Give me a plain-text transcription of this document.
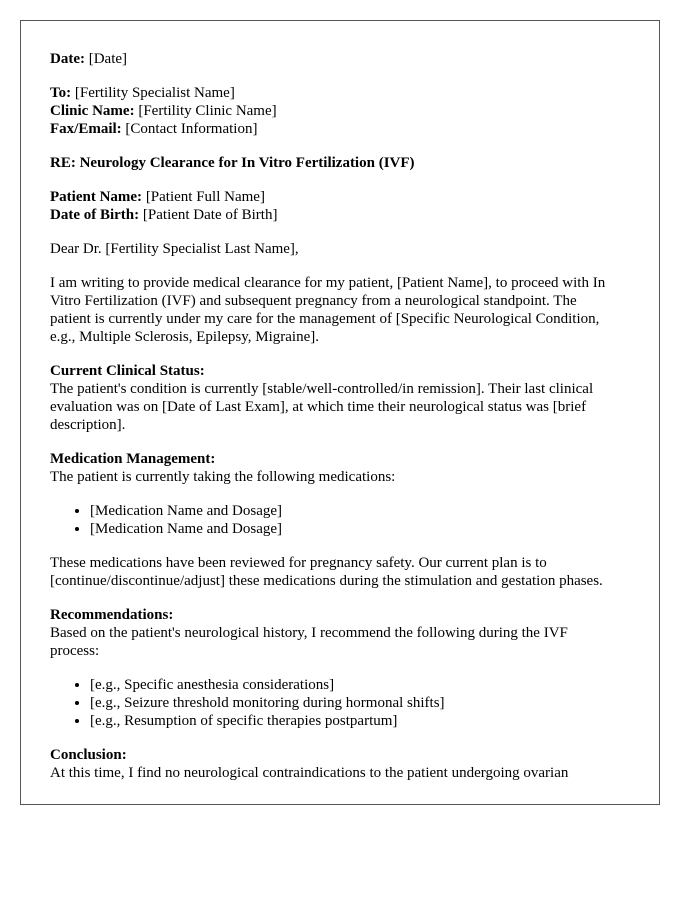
Date: [Date]

To: [Fertility Specialist Name]
Clinic Name: [Fertility Clinic Name]
Fax/Email: [Contact Information]

RE: Neurology Clearance for In Vitro Fertilization (IVF)

Patient Name: [Patient Full Name]
Date of Birth: [Patient Date of Birth]

Dear Dr. [Fertility Specialist Last Name],

I am writing to provide medical clearance for my patient, [Patient Name], to proceed with In Vitro Fertilization (IVF) and subsequent pregnancy from a neurological standpoint. The patient is currently under my care for the management of [Specific Neurological Condition, e.g., Multiple Sclerosis, Epilepsy, Migraine].

Current Clinical Status:
The patient's condition is currently [stable/well-controlled/in remission]. Their last clinical evaluation was on [Date of Last Exam], at which time their neurological status was [brief description].
Medication Management:
The patient is currently taking the following medications:
• [Medication Name and Dosage]
• [Medication Name and Dosage]

These medications have been reviewed for pregnancy safety. Our current plan is to [continue/discontinue/adjust] these medications during the stimulation and gestation phases.

Recommendations:
Based on the patient's neurological history, I recommend the following during the IVF process:
• [e.g., Specific anesthesia considerations]
• [e.g., Seizure threshold monitoring during hormonal shifts]
• [e.g., Resumption of specific therapies postpartum]
Conclusion:
At this time, I find no neurological contraindications to the patient undergoing ovarian
